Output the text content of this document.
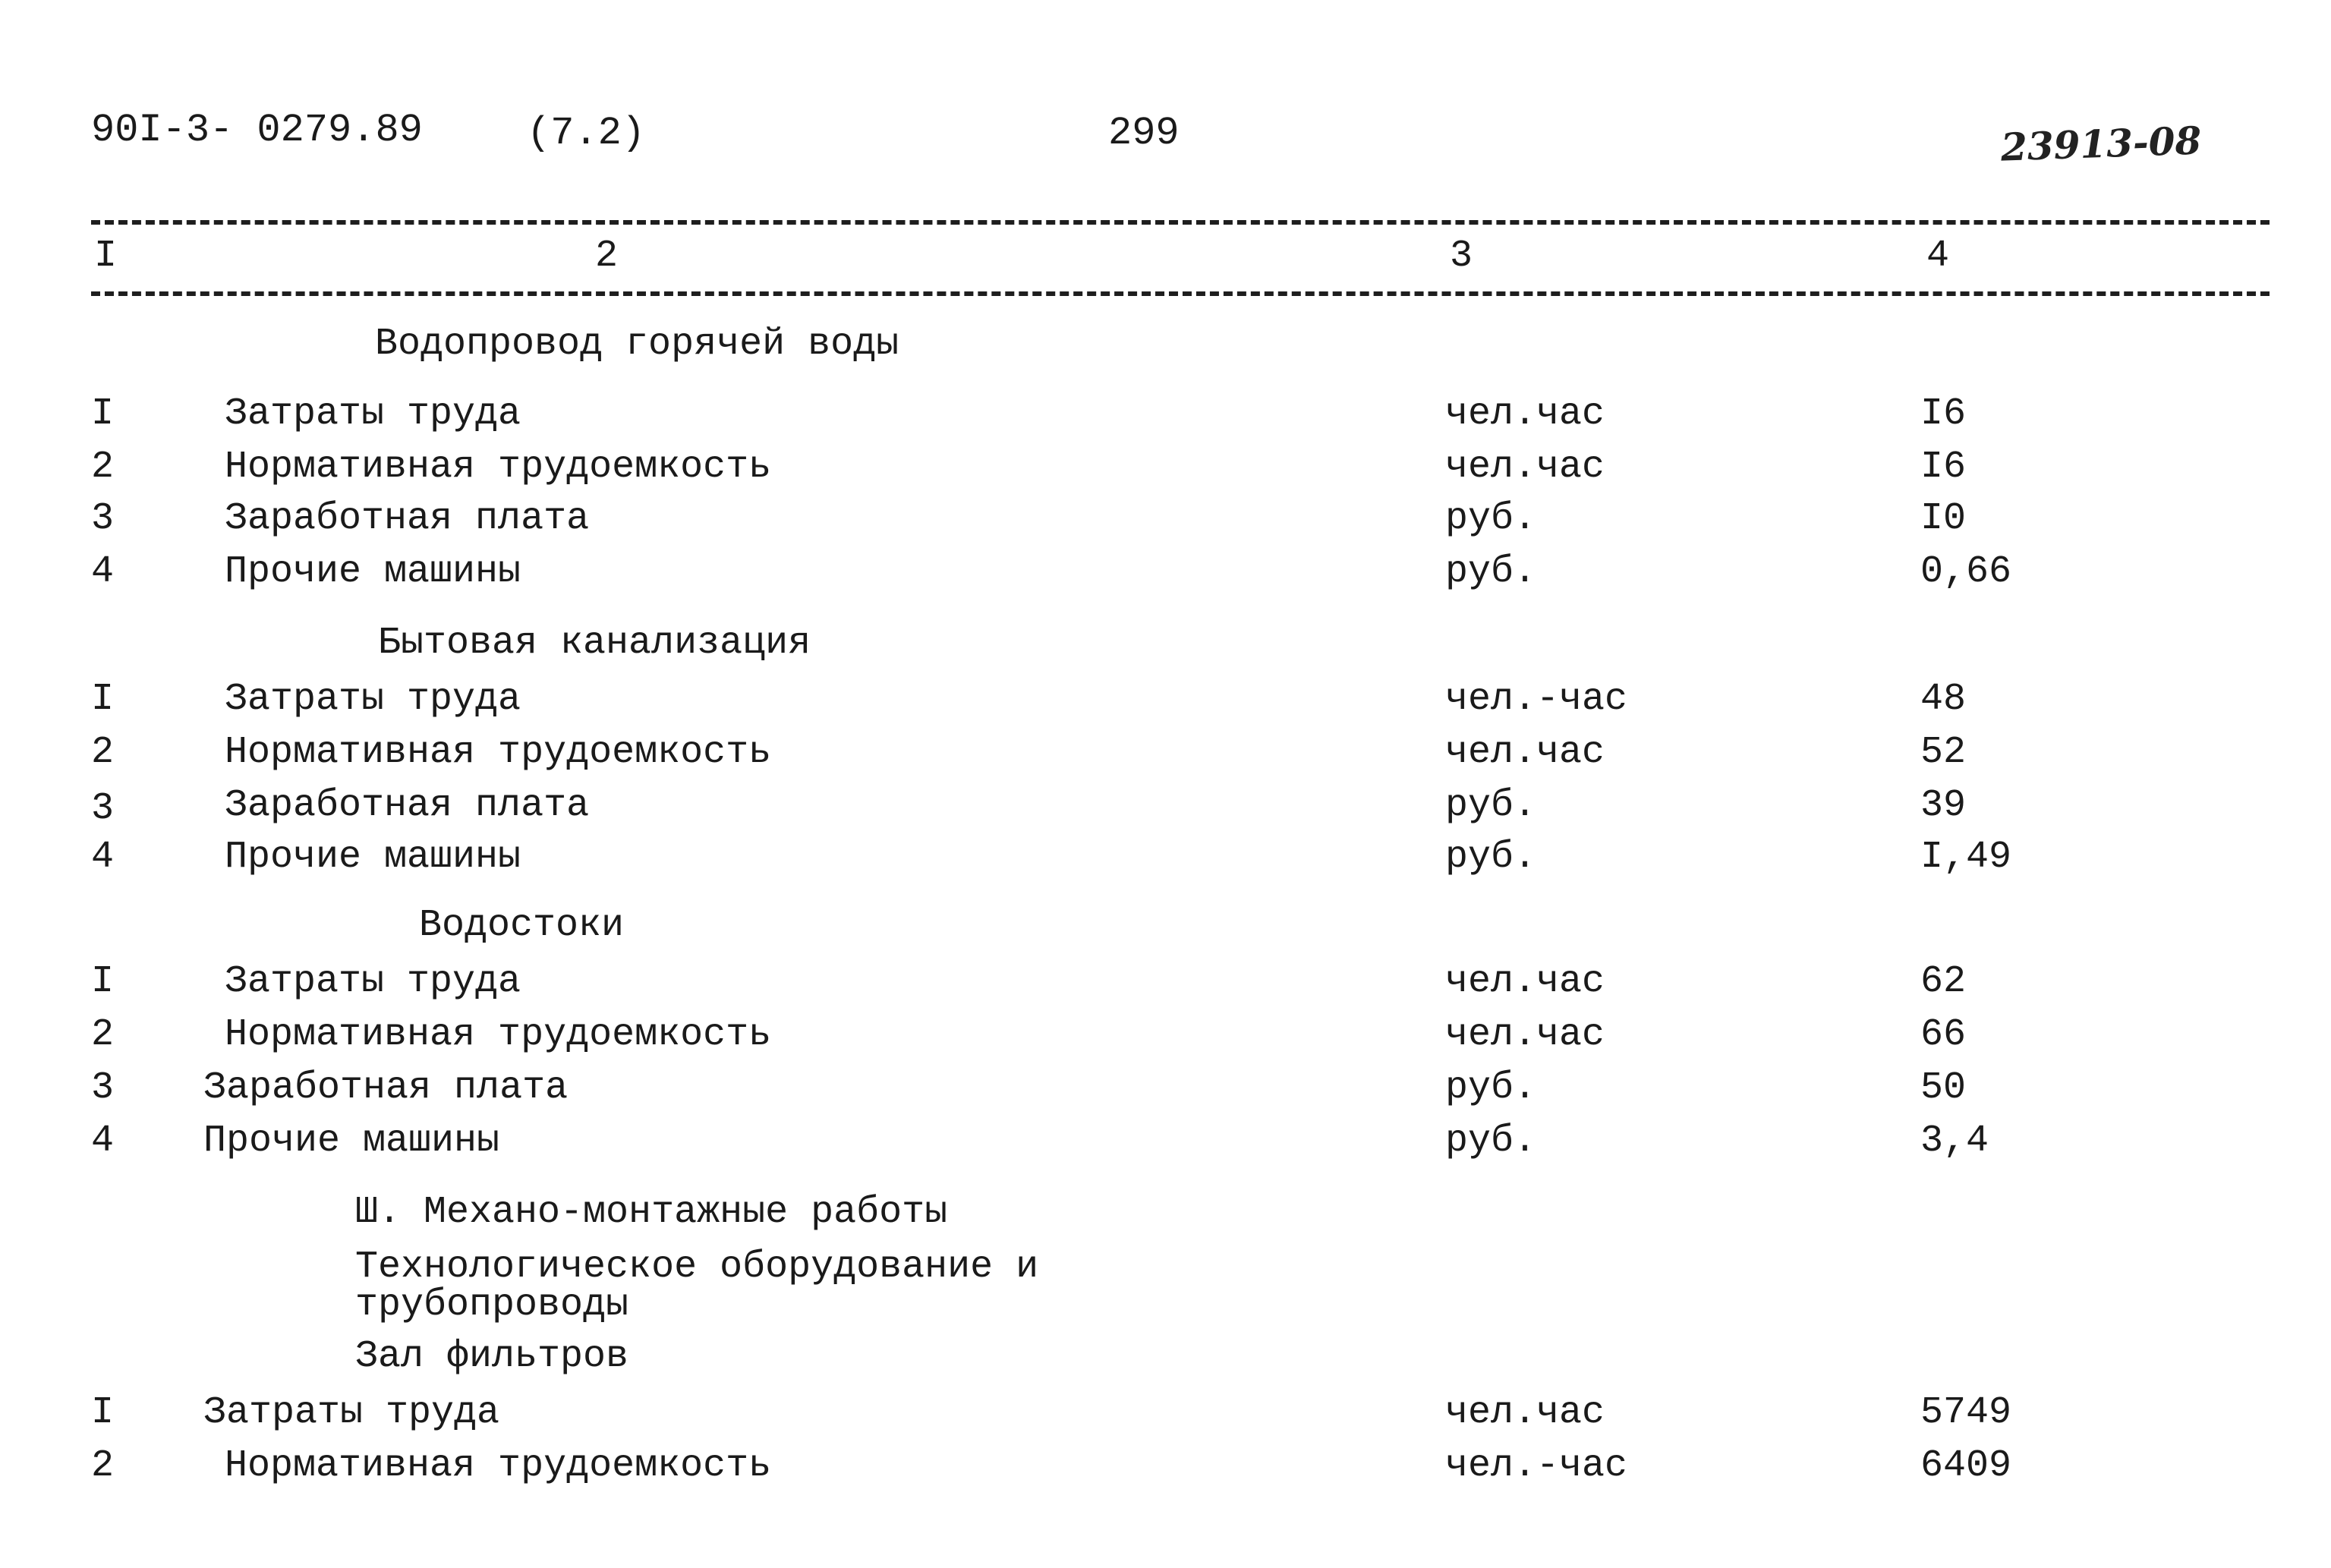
90I-3- 0279.89	(7.2)	299	23913-08
I	2	3	4
Водопровод горячей воды
I	Затраты труда	чел.час	I6
2	Нормативная трудоемкость	чел.час	I6
3	Заработная плата	руб.	I0
4	Прочие машины	руб.	0,66
Бытовая канализация
I	Затраты труда	чел.-час	48
2	Нормативная трудоемкость	чел.час	52
3	Заработная плата	руб.	39
4	Прочие машины	руб.	I,49
Водостоки
I	Затраты труда	чел.час	62
2	Нормативная трудоемкость	чел.час	66
3 Заработная плата	руб.	50
4 Прочие машины	руб.	3,4
Ш. Механо-монтажные работы
Технологическое оборудование и
трубопроводы
Зал фильтров
I Затраты труда	чел.час	5749
2	Нормативная трудоемкость	чел.-час	6409
